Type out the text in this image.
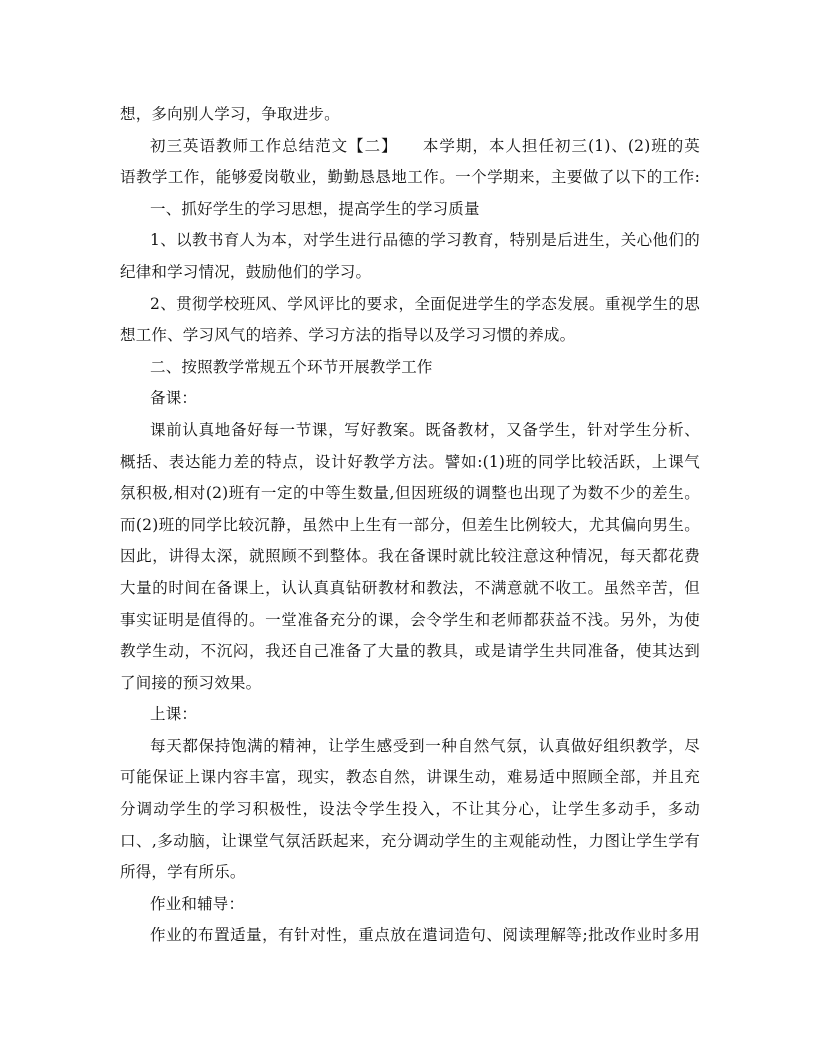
想，多向别人学习，争取进步。
初三英语教师工作总结范文【二】　　本学期，本人担任初三(1)、(2)班的英
语教学工作，能够爱岗敬业，勤勤恳恳地工作。一个学期来，主要做了以下的工作:
一、抓好学生的学习思想，提高学生的学习质量
1、以教书育人为本，对学生进行品德的学习教育，特别是后进生，关心他们的
纪律和学习情况，鼓励他们的学习。
2、贯彻学校班风、学风评比的要求，全面促进学生的学态发展。重视学生的思
想工作、学习风气的培养、学习方法的指导以及学习习惯的养成。
二、按照教学常规五个环节开展教学工作
备课：
课前认真地备好每一节课，写好教案。既备教材，又备学生，针对学生分析、
概括、表达能力差的特点，设计好教学方法。譬如:(1)班的同学比较活跃，上课气
氛积极,相对(2)班有一定的中等生数量,但因班级的调整也出现了为数不少的差生。
而(2)班的同学比较沉静，虽然中上生有一部分，但差生比例较大，尤其偏向男生。
因此，讲得太深，就照顾不到整体。我在备课时就比较注意这种情况，每天都花费
大量的时间在备课上，认认真真钻研教材和教法，不满意就不收工。虽然辛苦，但
事实证明是值得的。一堂准备充分的课，会令学生和老师都获益不浅。另外，为使
教学生动，不沉闷，我还自己准备了大量的教具，或是请学生共同准备，使其达到
了间接的预习效果。
上课：
每天都保持饱满的精神，让学生感受到一种自然气氛，认真做好组织教学，尽
可能保证上课内容丰富，现实，教态自然，讲课生动，难易适中照顾全部，并且充
分调动学生的学习积极性，设法令学生投入，不让其分心，让学生多动手，多动
口、,多动脑，让课堂气氛活跃起来，充分调动学生的主观能动性，力图让学生学有
所得，学有所乐。
作业和辅导：
作业的布置适量，有针对性，重点放在遣词造句、阅读理解等;批改作业时多用
